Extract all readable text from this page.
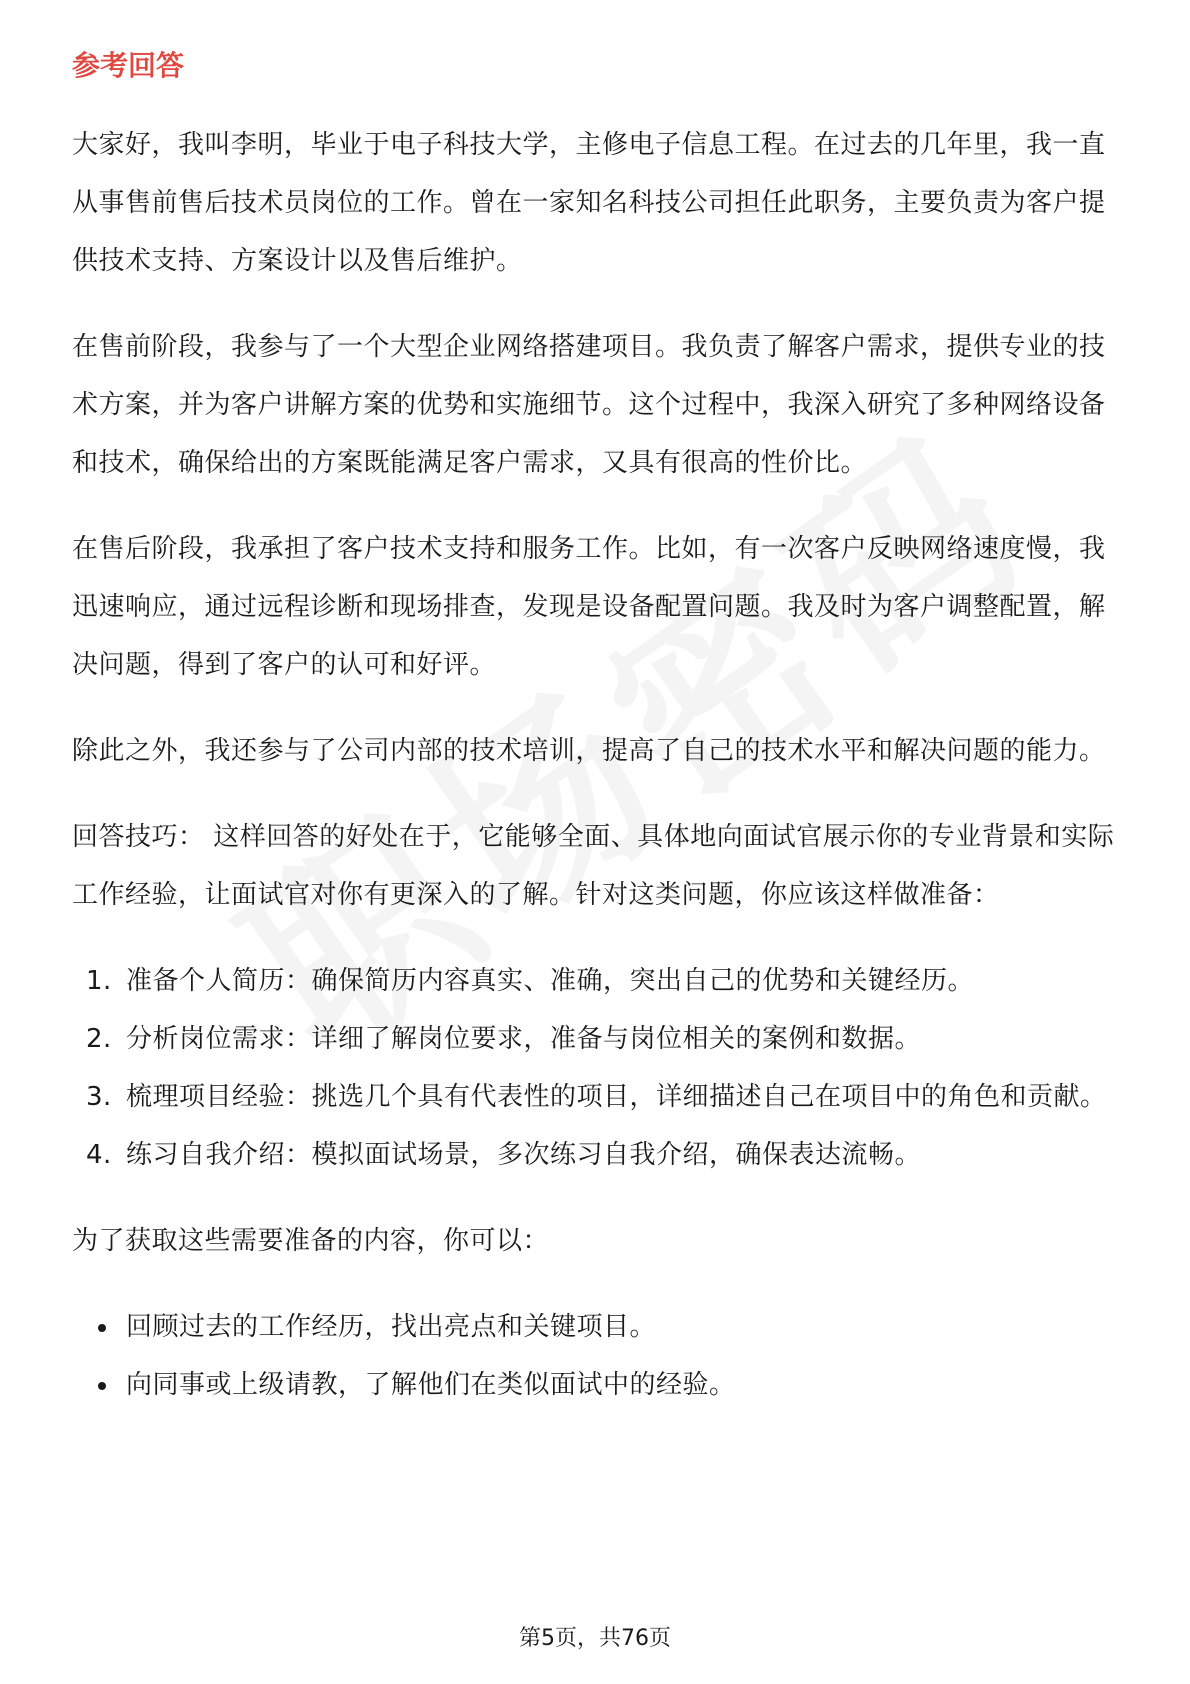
参考回答

大家好，我叫李明，毕业于电子科技大学，主修电子信息工程。在过去的几年里，我一直从事售前售后技术员岗位的工作。曾在一家知名科技公司担任此职务，主要负责为客户提供技术支持、方案设计以及售后维护。

在售前阶段，我参与了一个大型企业网络搭建项目。我负责了解客户需求，提供专业的技术方案，并为客户讲解方案的优势和实施细节。这个过程中，我深入研究了多种网络设备和技术，确保给出的方案既能满足客户需求，又具有很高的性价比。

在售后阶段，我承担了客户技术支持和服务工作。比如，有一次客户反映网络速度慢，我迅速响应，通过远程诊断和现场排查，发现是设备配置问题。我及时为客户调整配置，解决问题，得到了客户的认可和好评。

除此之外，我还参与了公司内部的技术培训，提高了自己的技术水平和解决问题的能力。

回答技巧： 这样回答的好处在于，它能够全面、具体地向面试官展示你的专业背景和实际工作经验，让面试官对你有更深入的了解。针对这类问题，你应该这样做准备：

1. 准备个人简历：确保简历内容真实、准确，突出自己的优势和关键经历。
2. 分析岗位需求：详细了解岗位要求，准备与岗位相关的案例和数据。
3. 梳理项目经验：挑选几个具有代表性的项目，详细描述自己在项目中的角色和贡献。
4. 练习自我介绍：模拟面试场景，多次练习自我介绍，确保表达流畅。

为了获取这些需要准备的内容，你可以：

回顾过去的工作经历，找出亮点和关键项目。
向同事或上级请教，了解他们在类似面试中的经验。
第5页，共76页
